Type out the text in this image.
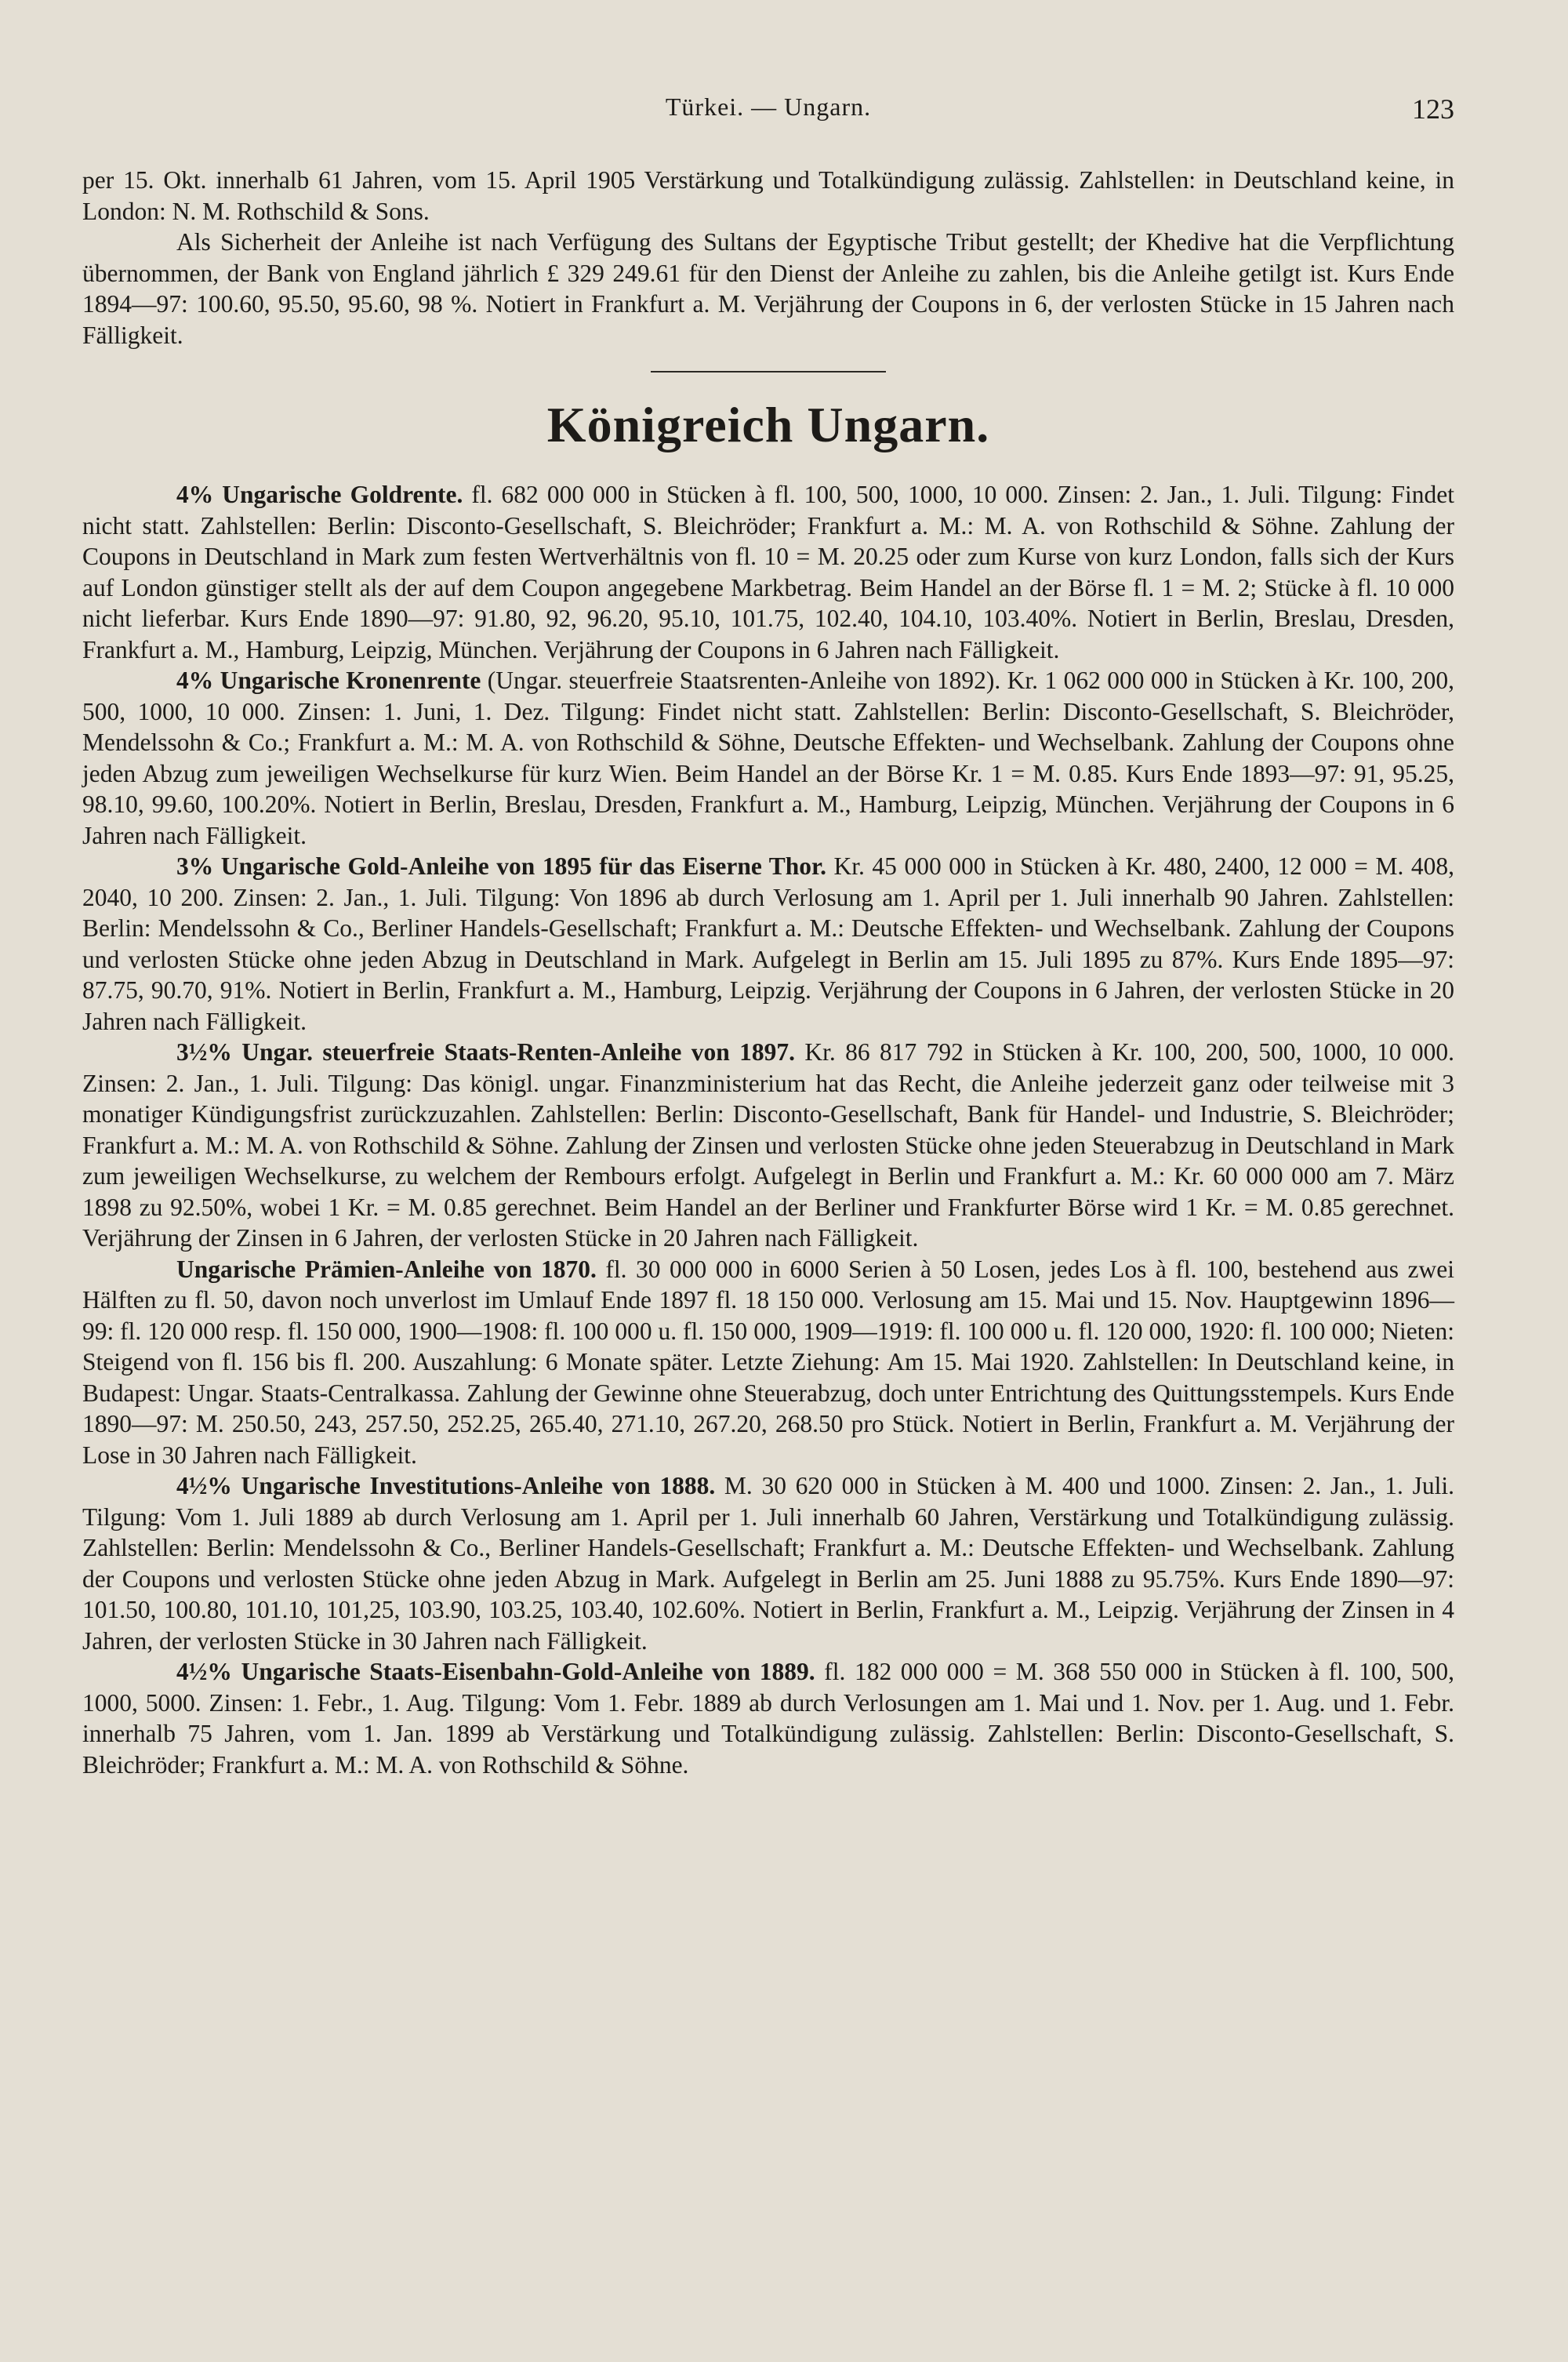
Türkei. — Ungarn.	123

per 15. Okt. innerhalb 61 Jahren, vom 15. April 1905 Verstärkung und Totalkündigung zulässig. Zahlstellen: in Deutschland keine, in London: N. M. Rothschild & Sons.

Als Sicherheit der Anleihe ist nach Verfügung des Sultans der Egyptische Tribut gestellt; der Khedive hat die Verpflichtung übernommen, der Bank von England jährlich £ 329 249.61 für den Dienst der Anleihe zu zahlen, bis die Anleihe getilgt ist. Kurs Ende 1894—97: 100.60, 95.50, 95.60, 98 %. Notiert in Frankfurt a. M. Verjährung der Coupons in 6, der verlosten Stücke in 15 Jahren nach Fälligkeit.

Königreich Ungarn.

4% Ungarische Goldrente. fl. 682 000 000 in Stücken à fl. 100, 500, 1000, 10 000. Zinsen: 2. Jan., 1. Juli. Tilgung: Findet nicht statt. Zahlstellen: Berlin: Disconto-Gesellschaft, S. Bleichröder; Frankfurt a. M.: M. A. von Rothschild & Söhne. Zahlung der Coupons in Deutschland in Mark zum festen Wertverhältnis von fl. 10 = M. 20.25 oder zum Kurse von kurz London, falls sich der Kurs auf London günstiger stellt als der auf dem Coupon angegebene Markbetrag. Beim Handel an der Börse fl. 1 = M. 2; Stücke à fl. 10 000 nicht lieferbar. Kurs Ende 1890—97: 91.80, 92, 96.20, 95.10, 101.75, 102.40, 104.10, 103.40%. Notiert in Berlin, Breslau, Dresden, Frankfurt a. M., Hamburg, Leipzig, München. Verjährung der Coupons in 6 Jahren nach Fälligkeit.

4% Ungarische Kronenrente (Ungar. steuerfreie Staatsrenten-Anleihe von 1892). Kr. 1 062 000 000 in Stücken à Kr. 100, 200, 500, 1000, 10 000. Zinsen: 1. Juni, 1. Dez. Tilgung: Findet nicht statt. Zahlstellen: Berlin: Disconto-Gesellschaft, S. Bleichröder, Mendelssohn & Co.; Frankfurt a. M.: M. A. von Rothschild & Söhne, Deutsche Effekten- und Wechselbank. Zahlung der Coupons ohne jeden Abzug zum jeweiligen Wechselkurse für kurz Wien. Beim Handel an der Börse Kr. 1 = M. 0.85. Kurs Ende 1893—97: 91, 95.25, 98.10, 99.60, 100.20%. Notiert in Berlin, Breslau, Dresden, Frankfurt a. M., Hamburg, Leipzig, München. Verjährung der Coupons in 6 Jahren nach Fälligkeit.

3% Ungarische Gold-Anleihe von 1895 für das Eiserne Thor. Kr. 45 000 000 in Stücken à Kr. 480, 2400, 12 000 = M. 408, 2040, 10 200. Zinsen: 2. Jan., 1. Juli. Tilgung: Von 1896 ab durch Verlosung am 1. April per 1. Juli innerhalb 90 Jahren. Zahlstellen: Berlin: Mendelssohn & Co., Berliner Handels-Gesellschaft; Frankfurt a. M.: Deutsche Effekten- und Wechselbank. Zahlung der Coupons und verlosten Stücke ohne jeden Abzug in Deutschland in Mark. Aufgelegt in Berlin am 15. Juli 1895 zu 87%. Kurs Ende 1895—97: 87.75, 90.70, 91%. Notiert in Berlin, Frankfurt a. M., Hamburg, Leipzig. Verjährung der Coupons in 6 Jahren, der verlosten Stücke in 20 Jahren nach Fälligkeit.

3½% Ungar. steuerfreie Staats-Renten-Anleihe von 1897. Kr. 86 817 792 in Stücken à Kr. 100, 200, 500, 1000, 10 000. Zinsen: 2. Jan., 1. Juli. Tilgung: Das königl. ungar. Finanzministerium hat das Recht, die Anleihe jederzeit ganz oder teilweise mit 3 monatiger Kündigungsfrist zurückzuzahlen. Zahlstellen: Berlin: Disconto-Gesellschaft, Bank für Handel- und Industrie, S. Bleichröder; Frankfurt a. M.: M. A. von Rothschild & Söhne. Zahlung der Zinsen und verlosten Stücke ohne jeden Steuerabzug in Deutschland in Mark zum jeweiligen Wechselkurse, zu welchem der Rembours erfolgt. Aufgelegt in Berlin und Frankfurt a. M.: Kr. 60 000 000 am 7. März 1898 zu 92.50%, wobei 1 Kr. = M. 0.85 gerechnet. Beim Handel an der Berliner und Frankfurter Börse wird 1 Kr. = M. 0.85 gerechnet. Verjährung der Zinsen in 6 Jahren, der verlosten Stücke in 20 Jahren nach Fälligkeit.

Ungarische Prämien-Anleihe von 1870. fl. 30 000 000 in 6000 Serien à 50 Losen, jedes Los à fl. 100, bestehend aus zwei Hälften zu fl. 50, davon noch unverlost im Umlauf Ende 1897 fl. 18 150 000. Verlosung am 15. Mai und 15. Nov. Hauptgewinn 1896—99: fl. 120 000 resp. fl. 150 000, 1900—1908: fl. 100 000 u. fl. 150 000, 1909—1919: fl. 100 000 u. fl. 120 000, 1920: fl. 100 000; Nieten: Steigend von fl. 156 bis fl. 200. Auszahlung: 6 Monate später. Letzte Ziehung: Am 15. Mai 1920. Zahlstellen: In Deutschland keine, in Budapest: Ungar. Staats-Centralkassa. Zahlung der Gewinne ohne Steuerabzug, doch unter Entrichtung des Quittungsstempels. Kurs Ende 1890—97: M. 250.50, 243, 257.50, 252.25, 265.40, 271.10, 267.20, 268.50 pro Stück. Notiert in Berlin, Frankfurt a. M. Verjährung der Lose in 30 Jahren nach Fälligkeit.

4½% Ungarische Investitutions-Anleihe von 1888. M. 30 620 000 in Stücken à M. 400 und 1000. Zinsen: 2. Jan., 1. Juli. Tilgung: Vom 1. Juli 1889 ab durch Verlosung am 1. April per 1. Juli innerhalb 60 Jahren, Verstärkung und Totalkündigung zulässig. Zahlstellen: Berlin: Mendelssohn & Co., Berliner Handels-Gesellschaft; Frankfurt a. M.: Deutsche Effekten- und Wechselbank. Zahlung der Coupons und verlosten Stücke ohne jeden Abzug in Mark. Aufgelegt in Berlin am 25. Juni 1888 zu 95.75%. Kurs Ende 1890—97: 101.50, 100.80, 101.10, 101,25, 103.90, 103.25, 103.40, 102.60%. Notiert in Berlin, Frankfurt a. M., Leipzig. Verjährung der Zinsen in 4 Jahren, der verlosten Stücke in 30 Jahren nach Fälligkeit.

4½% Ungarische Staats-Eisenbahn-Gold-Anleihe von 1889. fl. 182 000 000 = M. 368 550 000 in Stücken à fl. 100, 500, 1000, 5000. Zinsen: 1. Febr., 1. Aug. Tilgung: Vom 1. Febr. 1889 ab durch Verlosungen am 1. Mai und 1. Nov. per 1. Aug. und 1. Febr. innerhalb 75 Jahren, vom 1. Jan. 1899 ab Verstärkung und Totalkündigung zulässig. Zahlstellen: Berlin: Disconto-Gesellschaft, S. Bleichröder; Frankfurt a. M.: M. A. von Rothschild & Söhne.
